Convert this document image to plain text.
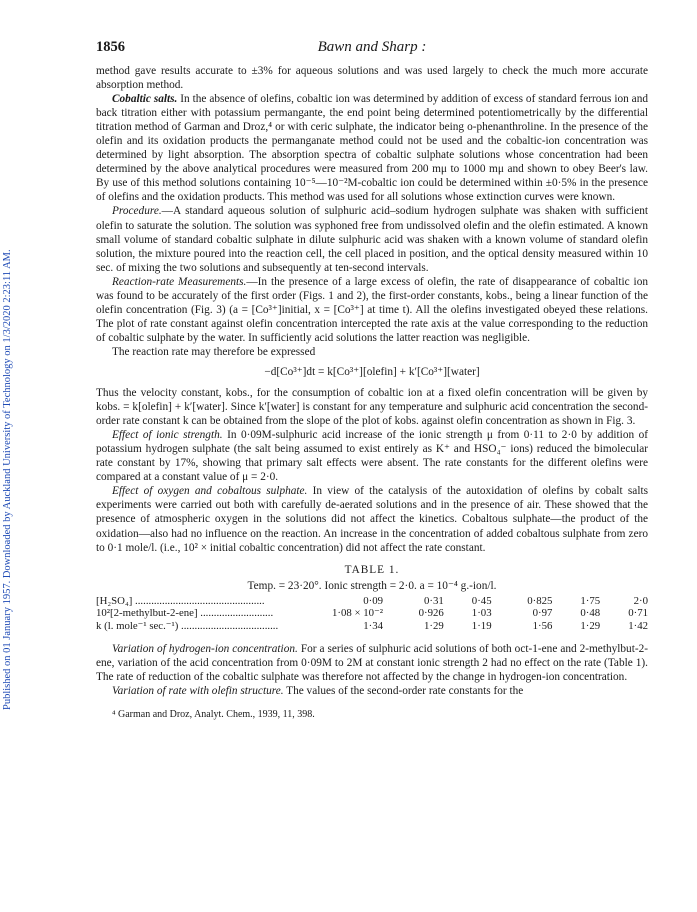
Published on 01 January 1957. Downloaded by Auckland University of Technology on 1/3/2020 2:23:11 AM.
1856	Bawn and Sharp :

method gave results accurate to ±3% for aqueous solutions and was used largely to check the much more accurate absorption method.

Cobaltic salts. In the absence of olefins, cobaltic ion was determined by addition of excess of standard ferrous ion and back titration either with potassium permangante, the end point being determined potentiometrically by the differential titration method of Garman and Droz,⁴ or with ceric sulphate, the indicator being o-phenanthroline. In the presence of the olefin and its oxidation products the permanganate method could not be used and the cobaltic-ion concentration was determined by light absorption. The absorption spectra of cobaltic sulphate solutions whose concentration had been determined by the above analytical procedures were measured from 200 mμ to 1000 mμ and shown to obey Beer's law. By use of this method solutions containing 10⁻⁵—10⁻²M-cobaltic ion could be determined within ±0·5% in the presence of olefins and the oxidation products. This method was used for all solutions whose extinction curves were known.

Procedure.—A standard aqueous solution of sulphuric acid–sodium hydrogen sulphate was shaken with sufficient olefin to saturate the solution. The solution was syphoned free from undissolved olefin and the olefin estimated. A known small volume of standard cobaltic sulphate in dilute sulphuric acid was shaken with a known volume of standard olefin solution, the mixture poured into the reaction cell, the cell placed in position, and the optical density measured within 10 sec. of mixing the two solutions and subsequently at ten-second intervals.

Reaction-rate Measurements.—In the presence of a large excess of olefin, the rate of disappearance of cobaltic ion was found to be accurately of the first order (Figs. 1 and 2), the first-order constants, kobs., being a linear function of the olefin concentration (Fig. 3) (a = [Co³⁺]initial, x = [Co³⁺] at time t). All the olefins investigated obeyed these relations. The plot of rate constant against olefin concentration intercepted the rate axis at the value corresponding to the reduction of cobaltic sulphate by the water. In sufficiently acid solutions the latter reaction was negligible.

The reaction rate may therefore be expressed

−d[Co³⁺]dt = k[Co³⁺][olefin] + k′[Co³⁺][water]

Thus the velocity constant, kobs., for the consumption of cobaltic ion at a fixed olefin concentration will be given by kobs. = k[olefin] + k′[water]. Since k′[water] is constant for any temperature and sulphuric acid concentration the second-order rate constant k can be obtained from the slope of the plot of kobs. against olefin concentration as shown in Fig. 3.

Effect of ionic strength. In 0·09M-sulphuric acid increase of the ionic strength μ from 0·11 to 2·0 by addition of potassium hydrogen sulphate (the salt being assumed to exist entirely as K⁺ and HSO₄⁻ ions) reduced the bimolecular rate constant by 17%, showing that primary salt effects were absent. The rate constants for the different olefins were compared at a constant value of μ = 2·0.

Effect of oxygen and cobaltous sulphate. In view of the catalysis of the autoxidation of olefins by cobalt salts experiments were carried out both with carefully de-aerated solutions and in the presence of air. These showed that the presence of atmospheric oxygen in the solutions did not affect the kinetics. Cobaltous sulphate—the product of the oxidation—also had no influence on the reaction. An increase in the concentration of added cobaltous sulphate from zero to 0·1 mole/l. (i.e., 10² × initial cobaltic concentration) did not affect the rate constant.

TABLE 1.
Temp. = 23·20°. Ionic strength = 2·0. a = 10⁻⁴ g.-ion/l.
[H₂SO₄] ................................................	0·09	0·31	0·45	0·825	1·75	2·0
10²[2-methylbut-2-ene] ...........................	1·08 × 10⁻²	0·926	1·03	0·97	0·48	0·71
k (l. mole⁻¹ sec.⁻¹) ....................................	1·34	1·29	1·19	1·56	1·29	1·42

Variation of hydrogen-ion concentration. For a series of sulphuric acid solutions of both oct-1-ene and 2-methylbut-2-ene, variation of the acid concentration from 0·09M to 2M at constant ionic strength 2 had no effect on the rate (Table 1). The rate of reduction of the cobaltic sulphate was therefore not affected by the change in hydrogen-ion concentration.

Variation of rate with olefin structure. The values of the second-order rate constants for the

⁴ Garman and Droz, Analyt. Chem., 1939, 11, 398.
